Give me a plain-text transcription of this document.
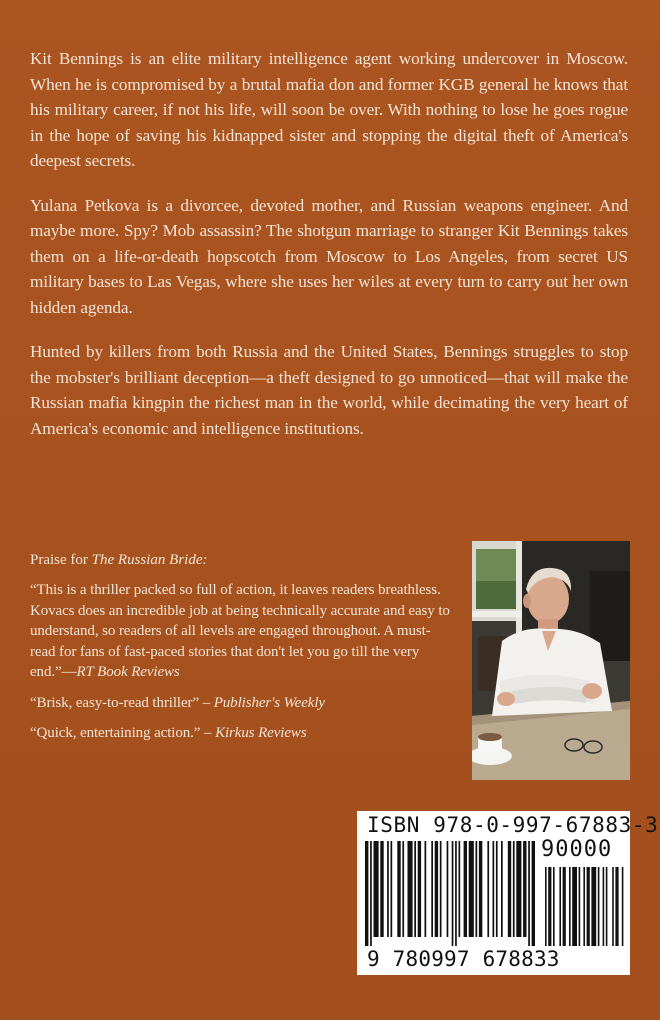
Kit Bennings is an elite military intelligence agent working undercover in Moscow. When he is compromised by a brutal mafia don and former KGB general he knows that his military career, if not his life, will soon be over. With nothing to lose he goes rogue in the hope of saving his kidnapped sister and stopping the digital theft of America's deepest secrets.

Yulana Petkova is a divorcee, devoted mother, and Russian weapons engineer. And maybe more. Spy? Mob assassin? The shotgun marriage to stranger Kit Bennings takes them on a life-or-death hopscotch from Moscow to Los Angeles, from secret US military bases to Las Vegas, where she uses her wiles at every turn to carry out her own hidden agenda.

Hunted by killers from both Russia and the United States, Bennings struggles to stop the mobster's brilliant deception—a theft designed to go unnoticed—that will make the Russian mafia kingpin the richest man in the world, while decimating the very heart of America's economic and intelligence institutions.

Praise for The Russian Bride:

“This is a thriller packed so full of action, it leaves readers breathless. Kovacs does an incredible job at being technically accurate and easy to understand, so readers of all levels are engaged throughout. A must-read for fans of fast-paced stories that don't let you go till the very end.”—RT Book Reviews

“Brisk, easy-to-read thriller” – Publisher's Weekly

“Quick, entertaining action.” – Kirkus Reviews

ISBN 978-0-997-67883-3
90000
9 780997 678833
